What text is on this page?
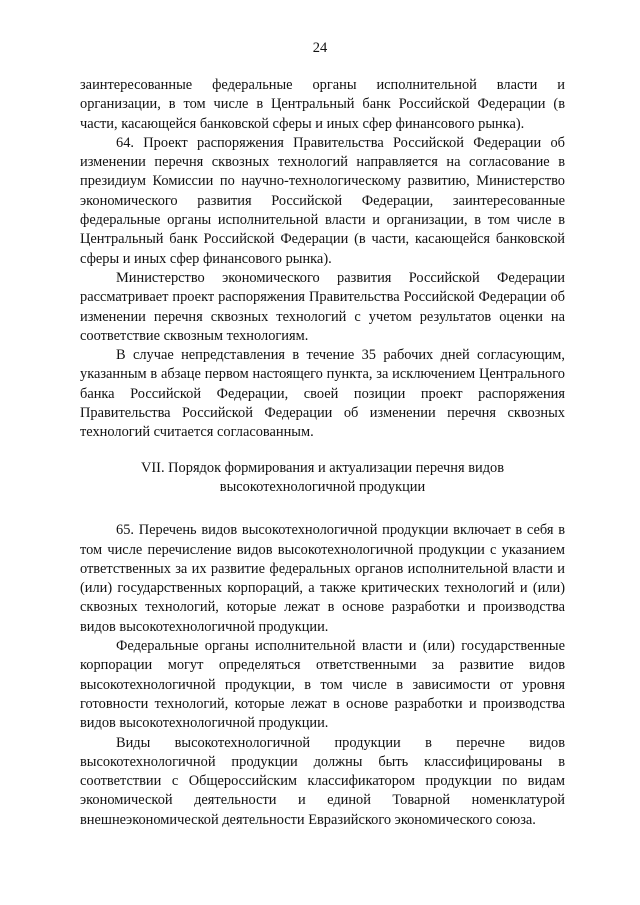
24

заинтересованные федеральные органы исполнительной власти и организации, в том числе в Центральный банк Российской Федерации (в части, касающейся банковской сферы и иных сфер финансового рынка).

64. Проект распоряжения Правительства Российской Федерации об изменении перечня сквозных технологий направляется на согласование в президиум Комиссии по научно-технологическому развитию, Министерство экономического развития Российской Федерации, заинтересованные федеральные органы исполнительной власти и организации, в том числе в Центральный банк Российской Федерации (в части, касающейся банковской сферы и иных сфер финансового рынка).

Министерство экономического развития Российской Федерации рассматривает проект распоряжения Правительства Российской Федерации об изменении перечня сквозных технологий с учетом результатов оценки на соответствие сквозным технологиям.

В случае непредставления в течение 35 рабочих дней согласующим, указанным в абзаце первом настоящего пункта, за исключением Центрального банка Российской Федерации, своей позиции проект распоряжения Правительства Российской Федерации об изменении перечня сквозных технологий считается согласованным.

VII. Порядок формирования и актуализации перечня видов
высокотехнологичной продукции

65. Перечень видов высокотехнологичной продукции включает в себя в том числе перечисление видов высокотехнологичной продукции с указанием ответственных за их развитие федеральных органов исполнительной власти и (или) государственных корпораций, а также критических технологий и (или) сквозных технологий, которые лежат в основе разработки и производства видов высокотехнологичной продукции.

Федеральные органы исполнительной власти и (или) государственные корпорации могут определяться ответственными за развитие видов высокотехнологичной продукции, в том числе в зависимости от уровня готовности технологий, которые лежат в основе разработки и производства видов высокотехнологичной продукции.

Виды высокотехнологичной продукции в перечне видов высокотехнологичной продукции должны быть классифицированы в соответствии с Общероссийским классификатором продукции по видам экономической деятельности и единой Товарной номенклатурой внешнеэкономической деятельности Евразийского экономического союза.
